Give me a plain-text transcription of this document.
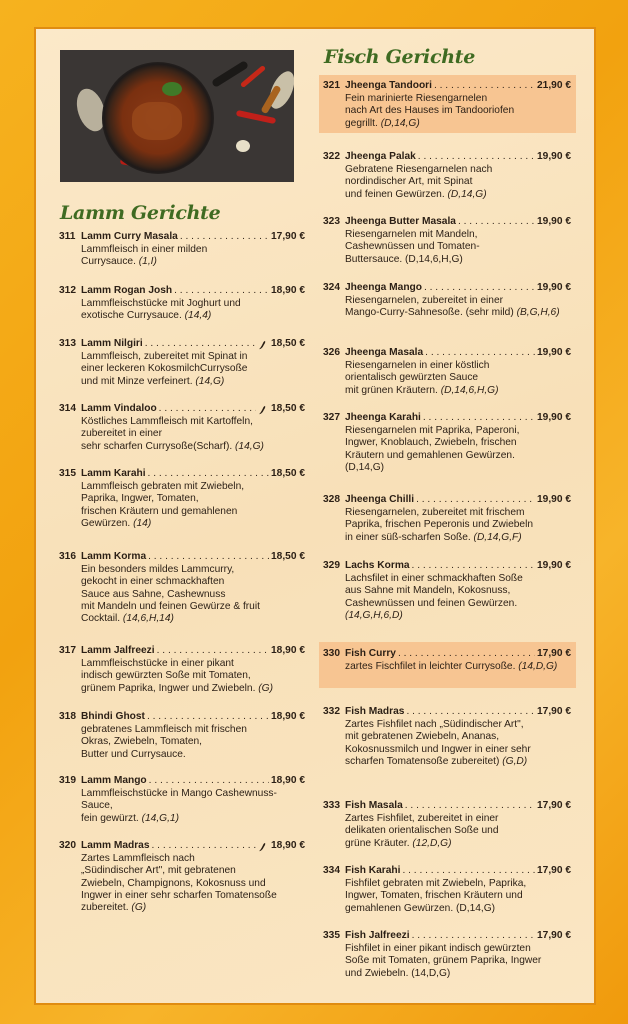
Lamm Gerichte
Fisch Gerichte
311 Lamm Curry Masala . . .	17,90 €
Lammfleisch in einer milden
Currysauce. (1,I)
312 Lamm Rogan Josh . . .	18,90 €
Lammfleischstücke mit Joghurt und
exotische Currysauce. (14,4)
313 Lamm Nilgiri . . .	18,50 €
Lammfleisch, zubereitet mit Spinat in
einer leckeren KokosmilchCurrysoße
und mit Minze verfeinert. (14,G)
314 Lamm Vindaloo . . .	18,50 €
Köstliches Lammfleisch mit Kartoffeln,
zubereitet in einer
sehr scharfen Currysoße(Scharf). (14,G)
315 Lamm Karahi . . .	18,50 €
Lammfleisch gebraten mit Zwiebeln,
Paprika, Ingwer, Tomaten,
frischen Kräutern und gemahlenen
Gewürzen. (14)
316 Lamm Korma . . .	18,50 €
Ein besonders mildes Lammcurry,
gekocht in einer schmackhaften
Sauce aus Sahne, Cashewnuss
mit Mandeln und feinen Gewürze & fruit
Cocktail. (14,6,H,14)
317 Lamm Jalfreezi . . .	18,90 €
Lammfleischstücke in einer pikant
indisch gewürzten Soße mit Tomaten,
grünem Paprika, Ingwer und Zwiebeln. (G)
318 Bhindi Ghost . . .	18,90 €
gebratenes Lammfleisch mit frischen
Okras, Zwiebeln, Tomaten,
Butter und Currysauce.
319 Lamm Mango . . .	18,90 €
Lammfleischstücke in Mango Cashewnuss-
Sauce,
fein gewürzt. (14,G,1)
320 Lamm Madras . . .	18,90 €
Zartes Lammfleisch nach
„Südindischer Art", mit gebratenen
Zwiebeln, Champignons, Kokosnuss und
Ingwer in einer sehr scharfen Tomatensoße
zubereitet. (G)
321 Jheenga Tandoori . . .	21,90 €
Fein marinierte Riesengarnelen
nach Art des Hauses im Tandooriofen
gegrillt. (D,14,G)
322 Jheenga Palak . . .	19,90 €
Gebratene Riesengarnelen nach
nordindischer Art, mit Spinat
und feinen Gewürzen. (D,14,G)
323 Jheenga Butter Masala . . .	19,90 €
Riesengarnelen mit Mandeln,
Cashewnüssen und Tomaten-
Buttersauce. (D,14,6,H,G)
324 Jheenga Mango . . .	19,90 €
Riesengarnelen, zubereitet in einer
Mango-Curry-Sahnesoße. (sehr mild) (B,G,H,6)
326 Jheenga Masala . . .	19,90 €
Riesengarnelen in einer köstlich
orientalisch gewürzten Sauce
mit grünen Kräutern. (D,14,6,H,G)
327 Jheenga Karahi . . .	19,90 €
Riesengarnelen mit Paprika, Paperoni,
Ingwer, Knoblauch, Zwiebeln, frischen
Kräutern und gemahlenen Gewürzen.
(D,14,G)
328 Jheenga Chilli . . .	19,90 €
Riesengarnelen, zubereitet mit frischem
Paprika, frischen Peperonis und Zwiebeln
in einer süß-scharfen Soße. (D,14,G,F)
329 Lachs Korma . . .	19,90 €
Lachsfilet in einer schmackhaften Soße
aus Sahne mit Mandeln, Kokosnuss,
Cashewnüssen und feinen Gewürzen. (14,G,H,6,D)
330 Fish Curry . . .	17,90 €
zartes Fischfilet in leichter Currysoße. (14,D,G)
332 Fish Madras . . .	17,90 €
Zartes Fishfilet nach „Südindischer Art",
mit gebratenen Zwiebeln, Ananas,
Kokosnussmilch und Ingwer in einer sehr
scharfen Tomatensoße zubereitet) (G,D)
333 Fish Masala . . .	17,90 €
Zartes Fishfilet, zubereitet in einer
delikaten orientalischen Soße und
grüne Kräuter. (12,D,G)
334 Fish Karahi . . .	17,90 €
Fishfilet gebraten mit Zwiebeln, Paprika,
Ingwer, Tomaten, frischen Kräutern und
gemahlenen Gewürzen. (D,14,G)
335 Fish Jalfreezi . . .	17,90 €
Fishfilet in einer pikant indisch gewürzten
Soße mit Tomaten, grünem Paprika, Ingwer
und Zwiebeln. (14,D,G)
